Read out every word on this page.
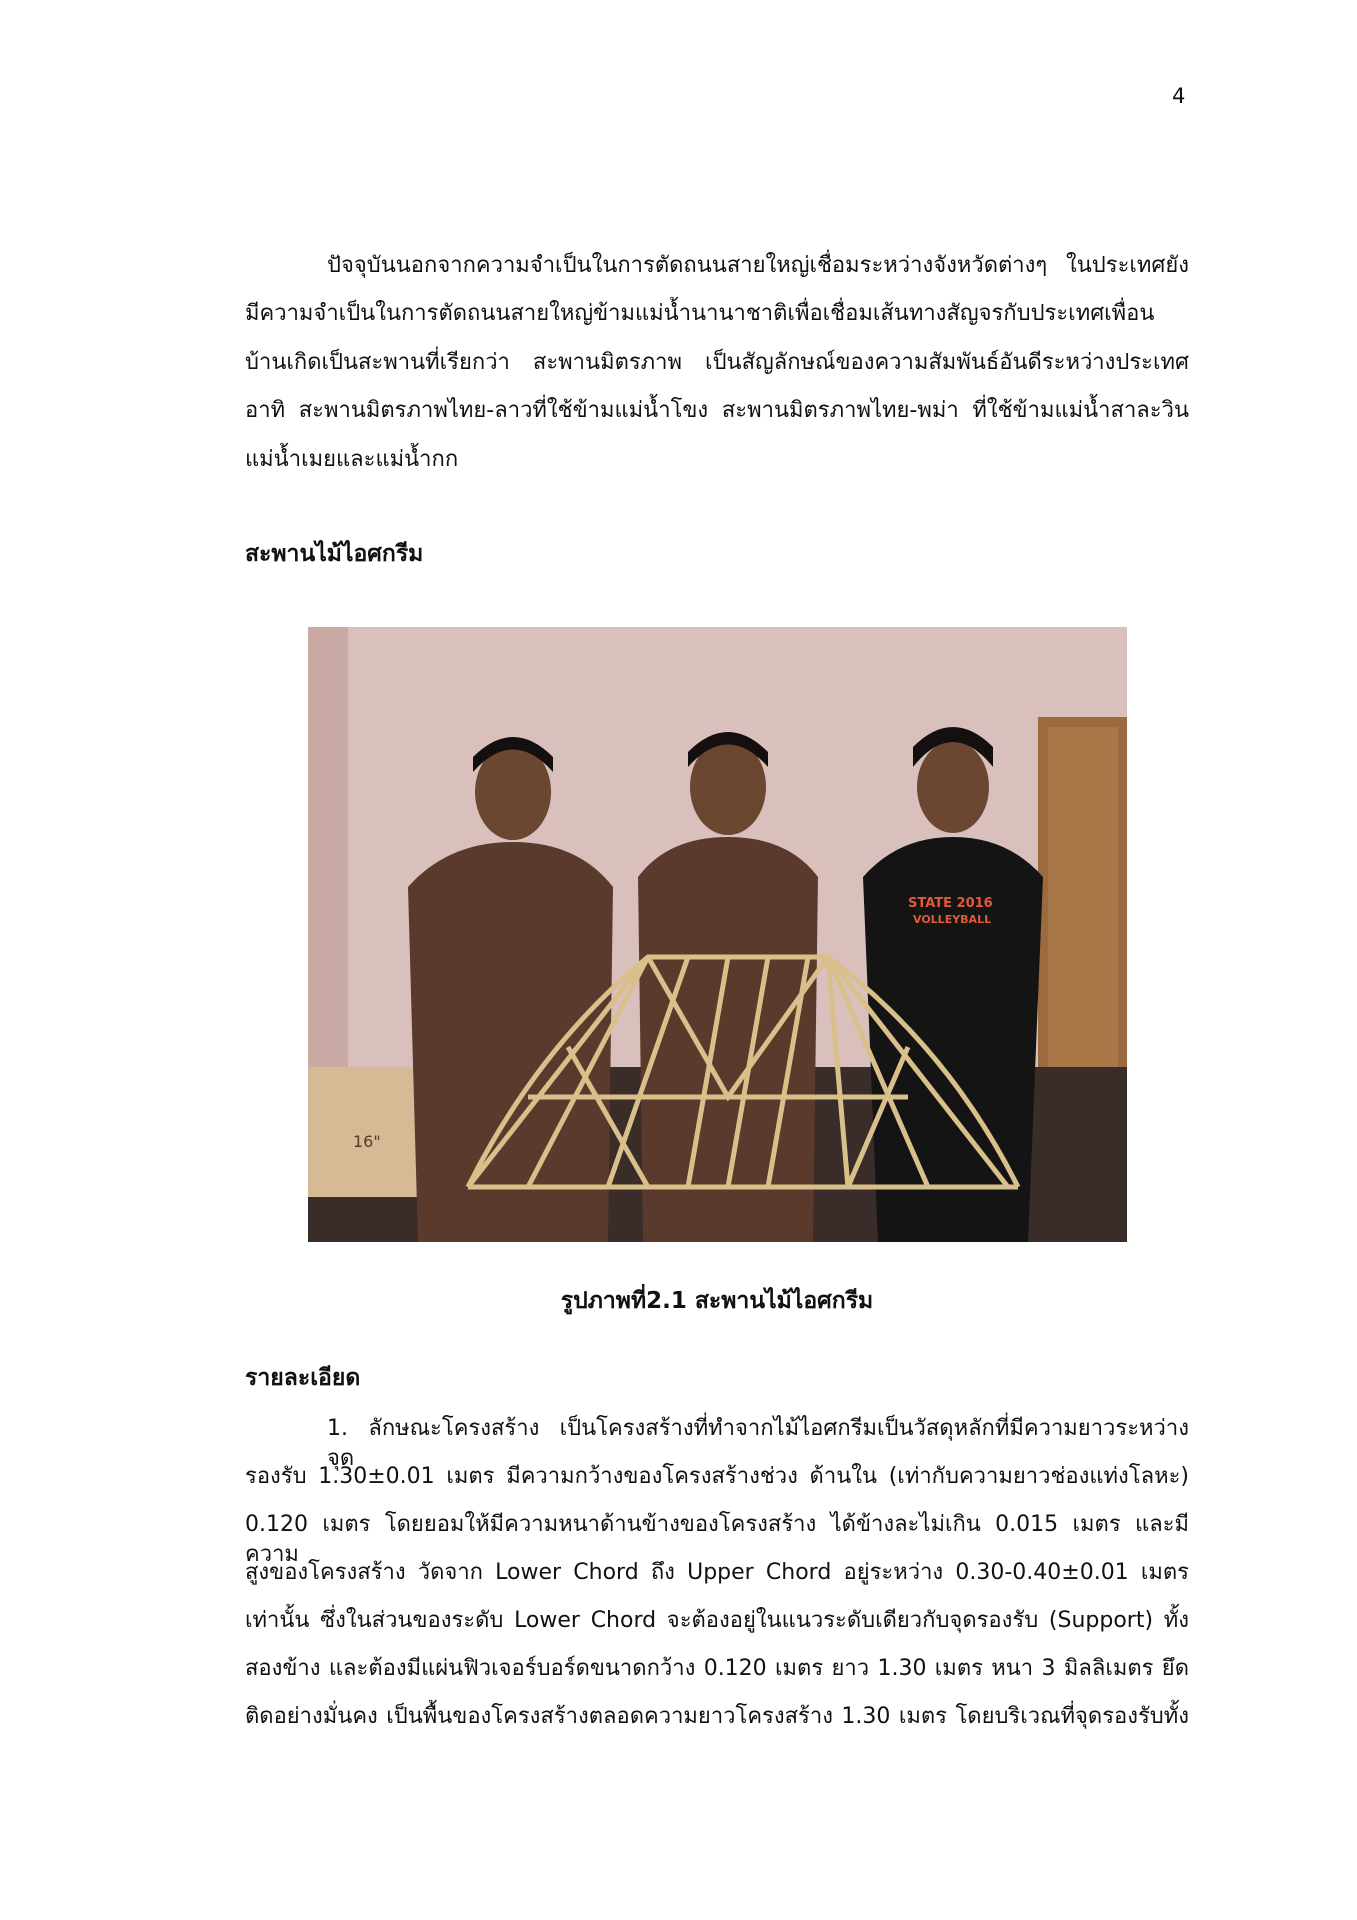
4
ปัจจุบันนอกจากความจำเป็นในการตัดถนนสายใหญ่เชื่อมระหว่างจังหวัดต่างๆ ในประเทศยัง
มีความจำเป็นในการตัดถนนสายใหญ่ข้ามแม่น้ำนานาชาติเพื่อเชื่อมเส้นทางสัญจรกับประเทศเพื่อน
บ้านเกิดเป็นสะพานที่เรียกว่า สะพานมิตรภาพ เป็นสัญลักษณ์ของความสัมพันธ์อันดีระหว่างประเทศ
อาทิ สะพานมิตรภาพไทย-ลาวที่ใช้ข้ามแม่น้ำโขง สะพานมิตรภาพไทย-พม่า ที่ใช้ข้ามแม่น้ำสาละวิน
แม่น้ำเมยและแม่น้ำกก
สะพานไม้ไอศกรีม
16"
STATE 2016
VOLLEYBALL
รูปภาพที่2.1 สะพานไม้ไอศกรีม
รายละเอียด
1. ลักษณะโครงสร้าง เป็นโครงสร้างที่ทำจากไม้ไอศกรีมเป็นวัสดุหลักที่มีความยาวระหว่างจุด
รองรับ 1.30±0.01 เมตร มีความกว้างของโครงสร้างช่วง ด้านใน (เท่ากับความยาวช่องแท่งโลหะ)
0.120 เมตร โดยยอมให้มีความหนาด้านข้างของโครงสร้าง ได้ข้างละไม่เกิน 0.015 เมตร และมีความ
สูงของโครงสร้าง วัดจาก Lower Chord ถึง Upper Chord อยู่ระหว่าง 0.30-0.40±0.01 เมตร
เท่านั้น ซึ่งในส่วนของระดับ Lower Chord จะต้องอยู่ในแนวระดับเดียวกับจุดรองรับ (Support) ทั้ง
สองข้าง และต้องมีแผ่นฟิวเจอร์บอร์ดขนาดกว้าง 0.120 เมตร ยาว 1.30 เมตร หนา 3 มิลลิเมตร ยึด
ติดอย่างมั่นคง เป็นพื้นของโครงสร้างตลอดความยาวโครงสร้าง 1.30 เมตร โดยบริเวณที่จุดรองรับทั้ง
